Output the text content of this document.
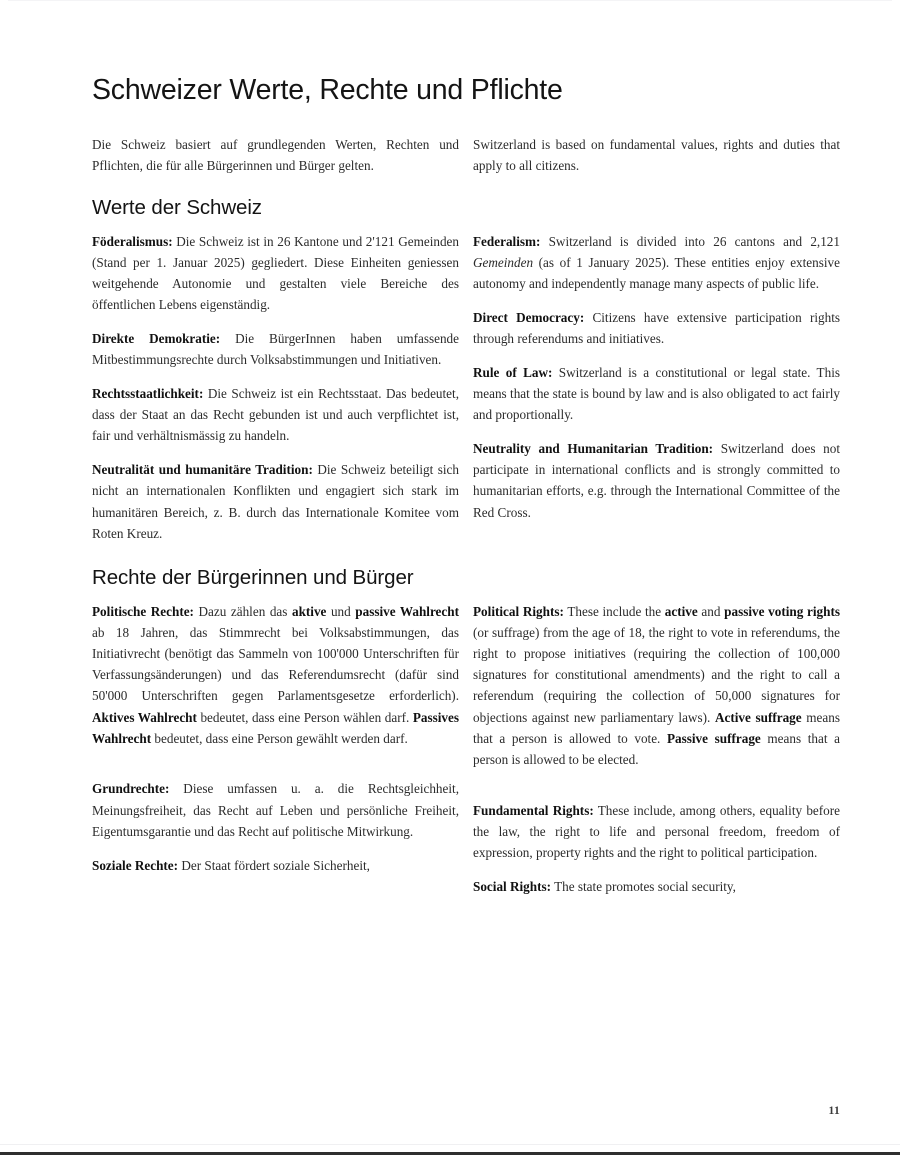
Schweizer Werte, Rechte und Pflichte

Die Schweiz basiert auf grundlegenden Werten, Rechten und Pflichten, die für alle Bürgerinnen und Bürger gelten.

Switzerland is based on fundamental values, rights and duties that apply to all citizens.

Werte der Schweiz

Föderalismus: Die Schweiz ist in 26 Kantone und 2'121 Gemeinden (Stand per 1. Januar 2025) gegliedert. Diese Einheiten geniessen weitgehende Autonomie und gestalten viele Bereiche des öffentlichen Lebens eigenständig.

Direkte Demokratie: Die BürgerInnen haben umfassende Mitbestimmungsrechte durch Volksabstimmungen und Initiativen.

Rechtsstaatlichkeit: Die Schweiz ist ein Rechtsstaat. Das bedeutet, dass der Staat an das Recht gebunden ist und auch verpflichtet ist, fair und verhältnismässig zu handeln.

Neutralität und humanitäre Tradition: Die Schweiz beteiligt sich nicht an internationalen Konflikten und engagiert sich stark im humanitären Bereich, z. B. durch das Internationale Komitee vom Roten Kreuz.

Federalism: Switzerland is divided into 26 cantons and 2,121 Gemeinden (as of 1 January 2025). These entities enjoy extensive autonomy and independently manage many aspects of public life.

Direct Democracy: Citizens have extensive participation rights through referendums and initiatives.

Rule of Law: Switzerland is a constitutional or legal state. This means that the state is bound by law and is also obligated to act fairly and proportionally.

Neutrality and Humanitarian Tradition: Switzerland does not participate in international conflicts and is strongly committed to humanitarian efforts, e.g. through the International Committee of the Red Cross.

Rechte der Bürgerinnen und Bürger

Politische Rechte: Dazu zählen das aktive und passive Wahlrecht ab 18 Jahren, das Stimmrecht bei Volksabstimmungen, das Initiativrecht (benötigt das Sammeln von 100'000 Unterschriften für Verfassungsänderungen) und das Referendumsrecht (dafür sind 50'000 Unterschriften gegen Parlamentsgesetze erforderlich). Aktives Wahlrecht bedeutet, dass eine Person wählen darf. Passives Wahlrecht bedeutet, dass eine Person gewählt werden darf.

Grundrechte: Diese umfassen u. a. die Rechtsgleichheit, Meinungsfreiheit, das Recht auf Leben und persönliche Freiheit, Eigentumsgarantie und das Recht auf politische Mitwirkung.

Soziale Rechte: Der Staat fördert soziale Sicherheit,

Political Rights: These include the active and passive voting rights (or suffrage) from the age of 18, the right to vote in referendums, the right to propose initiatives (requiring the collection of 100,000 signatures for constitutional amendments) and the right to call a referendum (requiring the collection of 50,000 signatures for objections against new parliamentary laws). Active suffrage means that a person is allowed to vote. Passive suffrage means that a person is allowed to be elected.

Fundamental Rights: These include, among others, equality before the law, the right to life and personal freedom, freedom of expression, property rights and the right to political participation.

Social Rights: The state promotes social security,

11
